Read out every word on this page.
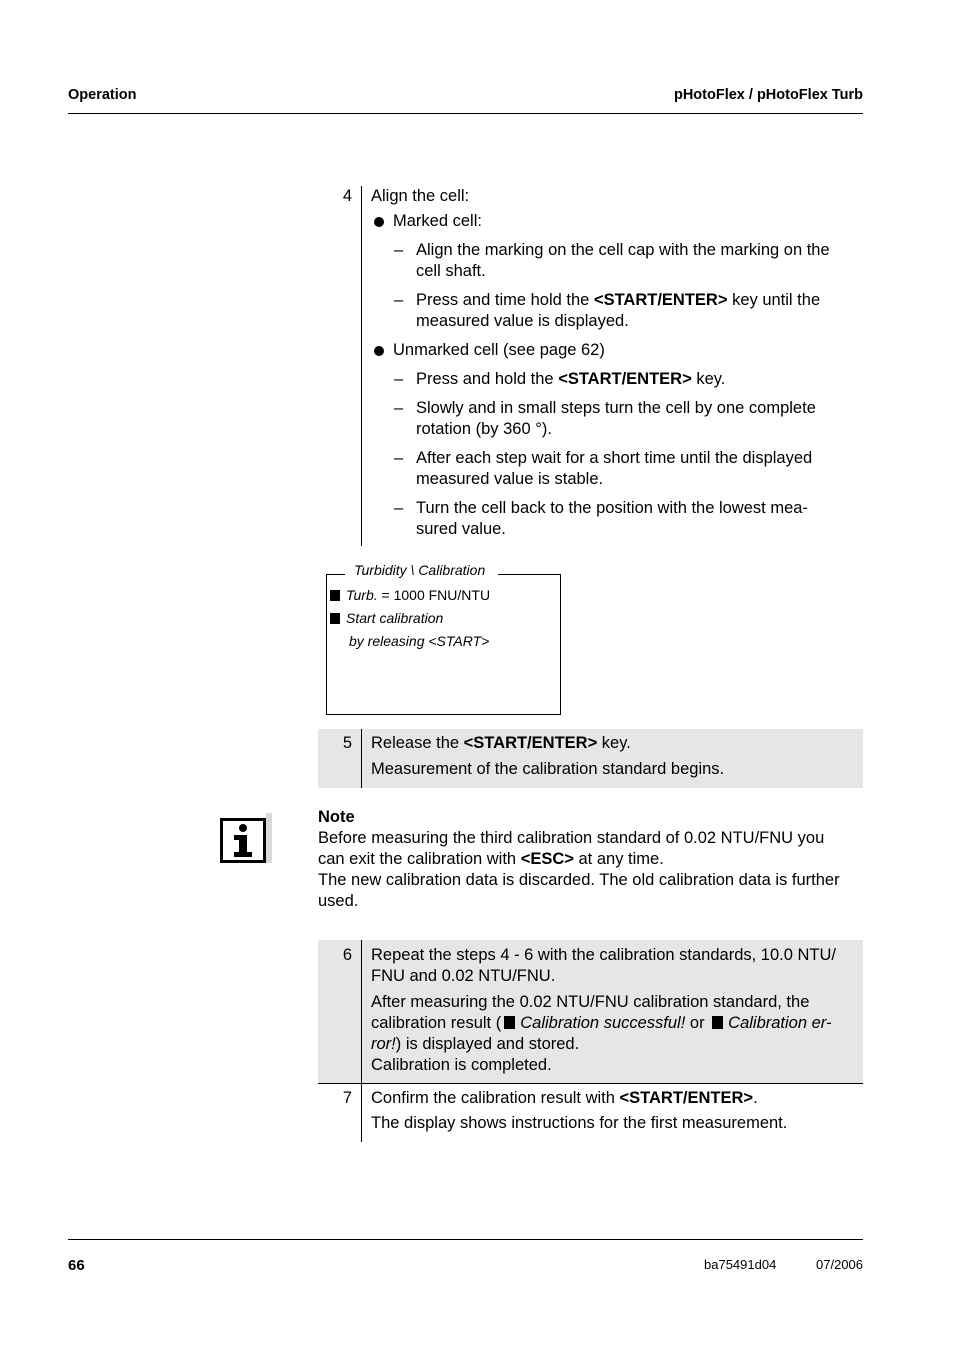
Operation	pHotoFlex / pHotoFlex Turb
4 Align the cell:
Marked cell:
– Align the marking on the cell cap with the marking on the
cell shaft.
– Press and time hold the <START/ENTER> key until the
measured value is displayed.
Unmarked cell (see page 62)
– Press and hold the <START/ENTER> key.
– Slowly and in small steps turn the cell by one complete
rotation (by 360 °).
– After each step wait for a short time until the displayed
measured value is stable.
– Turn the cell back to the position with the lowest mea-
sured value.
Turbidity \ Calibration
Turb. = 1000 FNU/NTU
Start calibration
by releasing <START>
5 Release the <START/ENTER> key.
Measurement of the calibration standard begins.
Note
Before measuring the third calibration standard of 0.02 NTU/FNU you
can exit the calibration with <ESC> at any time.
The new calibration data is discarded. The old calibration data is further
used.
6 Repeat the steps 4 - 6 with the calibration standards, 10.0 NTU/
FNU and 0.02 NTU/FNU.
After measuring the 0.02 NTU/FNU calibration standard, the
calibration result ( Calibration successful! or Calibration er-
ror!) is displayed and stored.
Calibration is completed.
7 Confirm the calibration result with <START/ENTER>.
The display shows instructions for the first measurement.
66	ba75491d04	07/2006
